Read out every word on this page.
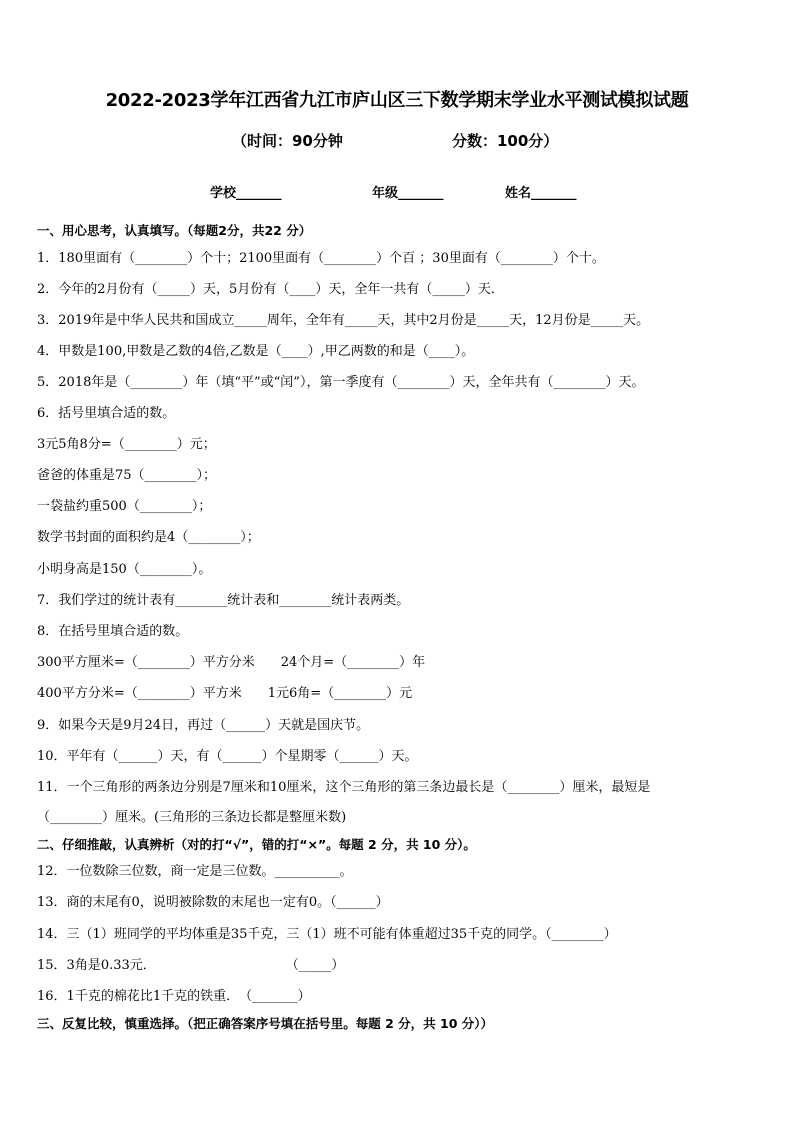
2022-2023学年江西省九江市庐山区三下数学期末学业水平测试模拟试题
（时间：90分钟	分数：100分）
学校_______	年级_______	姓名_______
一、用心思考，认真填写。（每题2分，共22 分）
1．180里面有（________）个十；2100里面有（________）个百 ；30里面有（________）个十。
2．今年的2月份有（_____）天，5月份有（____）天，全年一共有（_____）天．
3．2019年是中华人民共和国成立_____周年，全年有_____天，其中2月份是_____天，12月份是_____天。
4．甲数是100,甲数是乙数的4倍,乙数是（____）,甲乙两数的和是（____）。
5．2018年是（________）年（填“平”或“闰”），第一季度有（________）天，全年共有（________）天。
6．括号里填合适的数。
3元5角8分=（________）元；
爸爸的体重是75（________）；
一袋盐约重500（________）；
数学书封面的面积约是4（________）；
小明身高是150（________）。
7．我们学过的统计表有________统计表和________统计表两类。
8．在括号里填合适的数。
300平方厘米=（________）平方分米　　24个月=（________）年
400平方分米=（________）平方米　　1元6角=（________）元
9．如果今天是9月24日，再过（______）天就是国庆节。
10．平年有（______）天，有（______）个星期零（______）天。
11．一个三角形的两条边分别是7厘米和10厘米，这个三角形的第三条边最长是（________）厘米，最短是
（________）厘米。(三角形的三条边长都是整厘米数)
二、仔细推敲，认真辨析（对的打“√”，错的打“×”。每题 2 分，共 10 分）。
12．一位数除三位数，商一定是三位数。__________。
13．商的末尾有0，说明被除数的末尾也一定有0。（______）
14．三（1）班同学的平均体重是35千克，三（1）班不可能有体重超过35千克的同学。（________）
15．3角是0.33元．　　　　　　　　　　　（_____）
16．1千克的棉花比1千克的铁重．　（_______）
三、反复比较，慎重选择。（把正确答案序号填在括号里。每题 2 分，共 10 分））
